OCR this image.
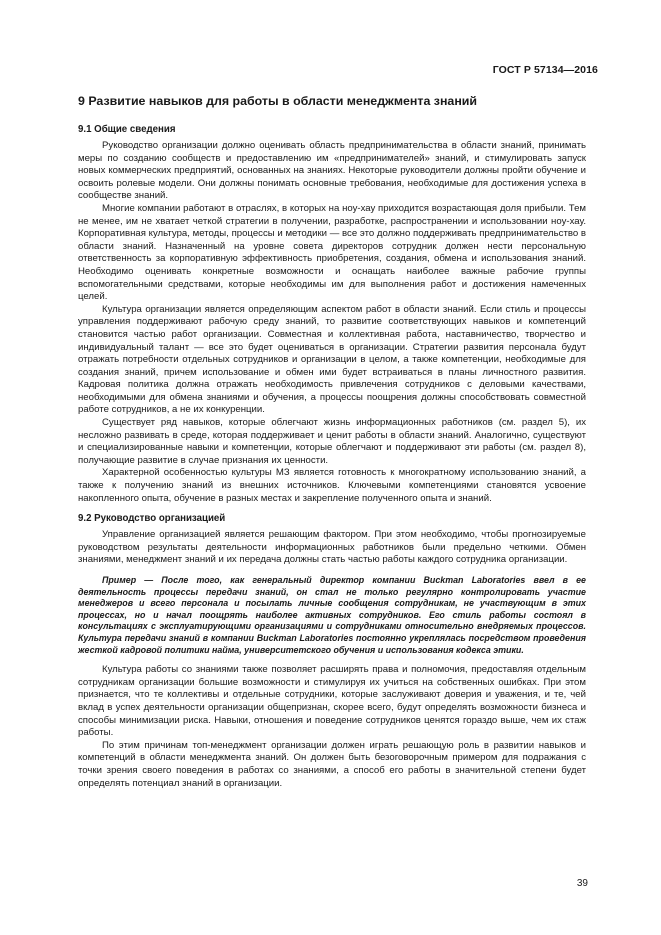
ГОСТ Р 57134—2016
9 Развитие навыков для работы в области менеджмента знаний
9.1 Общие сведения

Руководство организации должно оценивать область предпринимательства в области знаний, принимать меры по созданию сообществ и предоставлению им «предпринимателей» знаний, и стимулировать запуск новых коммерческих предприятий, основанных на знаниях. Некоторые руководители должны пройти обучение и освоить ролевые модели. Они должны понимать основные требования, необходимые для достижения успеха в сообществе знаний.

Многие компании работают в отраслях, в которых на ноу-хау приходится возрастающая доля прибыли. Тем не менее, им не хватает четкой стратегии в получении, разработке, распространении и использовании ноу-хау. Корпоративная культура, методы, процессы и методики — все это должно поддерживать предпринимательство в области знаний. Назначенный на уровне совета директоров сотрудник должен нести персональную ответственность за корпоративную эффективность приобретения, создания, обмена и использования знаний. Необходимо оценивать конкретные возможности и оснащать наиболее важные рабочие группы вспомогательными средствами, которые необходимы им для выполнения работ и достижения намеченных целей.

Культура организации является определяющим аспектом работ в области знаний. Если стиль и процессы управления поддерживают рабочую среду знаний, то развитие соответствующих навыков и компетенций становится частью работ организации. Совместная и коллективная работа, наставничество, творчество и индивидуальный талант — все это будет оцениваться в организации. Стратегии развития персонала будут отражать потребности отдельных сотрудников и организации в целом, а также компетенции, необходимые для создания знаний, причем использование и обмен ими будет встраиваться в планы личностного развития. Кадровая политика должна отражать необходимость привлечения сотрудников с деловыми качествами, необходимыми для обмена знаниями и обучения, а процессы поощрения должны способствовать совместной работе сотрудников, а не их конкуренции.

Существует ряд навыков, которые облегчают жизнь информационных работников (см. раздел 5), их несложно развивать в среде, которая поддерживает и ценит работы в области знаний. Аналогично, существуют и специализированные навыки и компетенции, которые облегчают и поддерживают эти работы (см. раздел 8), получающие развитие в случае признания их ценности.

Характерной особенностью культуры МЗ является готовность к многократному использованию знаний, а также к получению знаний из внешних источников. Ключевыми компетенциями становятся усвоение накопленного опыта, обучение в разных местах и закрепление полученного опыта и знаний.

9.2 Руководство организацией

Управление организацией является решающим фактором. При этом необходимо, чтобы прогнозируемые руководством результаты деятельности информационных работников были предельно четкими. Обмен знаниями, менеджмент знаний и их передача должны стать частью работы каждого сотрудника организации.

Пример — После того, как генеральный директор компании Buckman Laboratories ввел в ее деятельность процессы передачи знаний, он стал не только регулярно контролировать участие менеджеров и всего персонала и посылать личные сообщения сотрудникам, не участвующим в этих процессах, но и начал поощрять наиболее активных сотрудников. Его стиль работы состоял в консультациях с эксплуатирующими организациями и сотрудниками относительно внедряемых процессов. Культура передачи знаний в компании Buckman Laboratories постоянно укреплялась посредством проведения жесткой кадровой политики найма, университетского обучения и использования кодекса этики.

Культура работы со знаниями также позволяет расширять права и полномочия, предоставляя отдельным сотрудникам организации большие возможности и стимулируя их учиться на собственных ошибках. При этом признается, что те коллективы и отдельные сотрудники, которые заслуживают доверия и уважения, и те, чей вклад в успех деятельности организации общепризнан, скорее всего, будут определять возможности бизнеса и способы минимизации риска. Навыки, отношения и поведение сотрудников ценятся гораздо выше, чем их стаж работы.

По этим причинам топ-менеджмент организации должен играть решающую роль в развитии навыков и компетенций в области менеджмента знаний. Он должен быть безоговорочным примером для подражания с точки зрения своего поведения в работах со знаниями, а способ его работы в значительной степени будет определять потенциал знаний в организации.

39
